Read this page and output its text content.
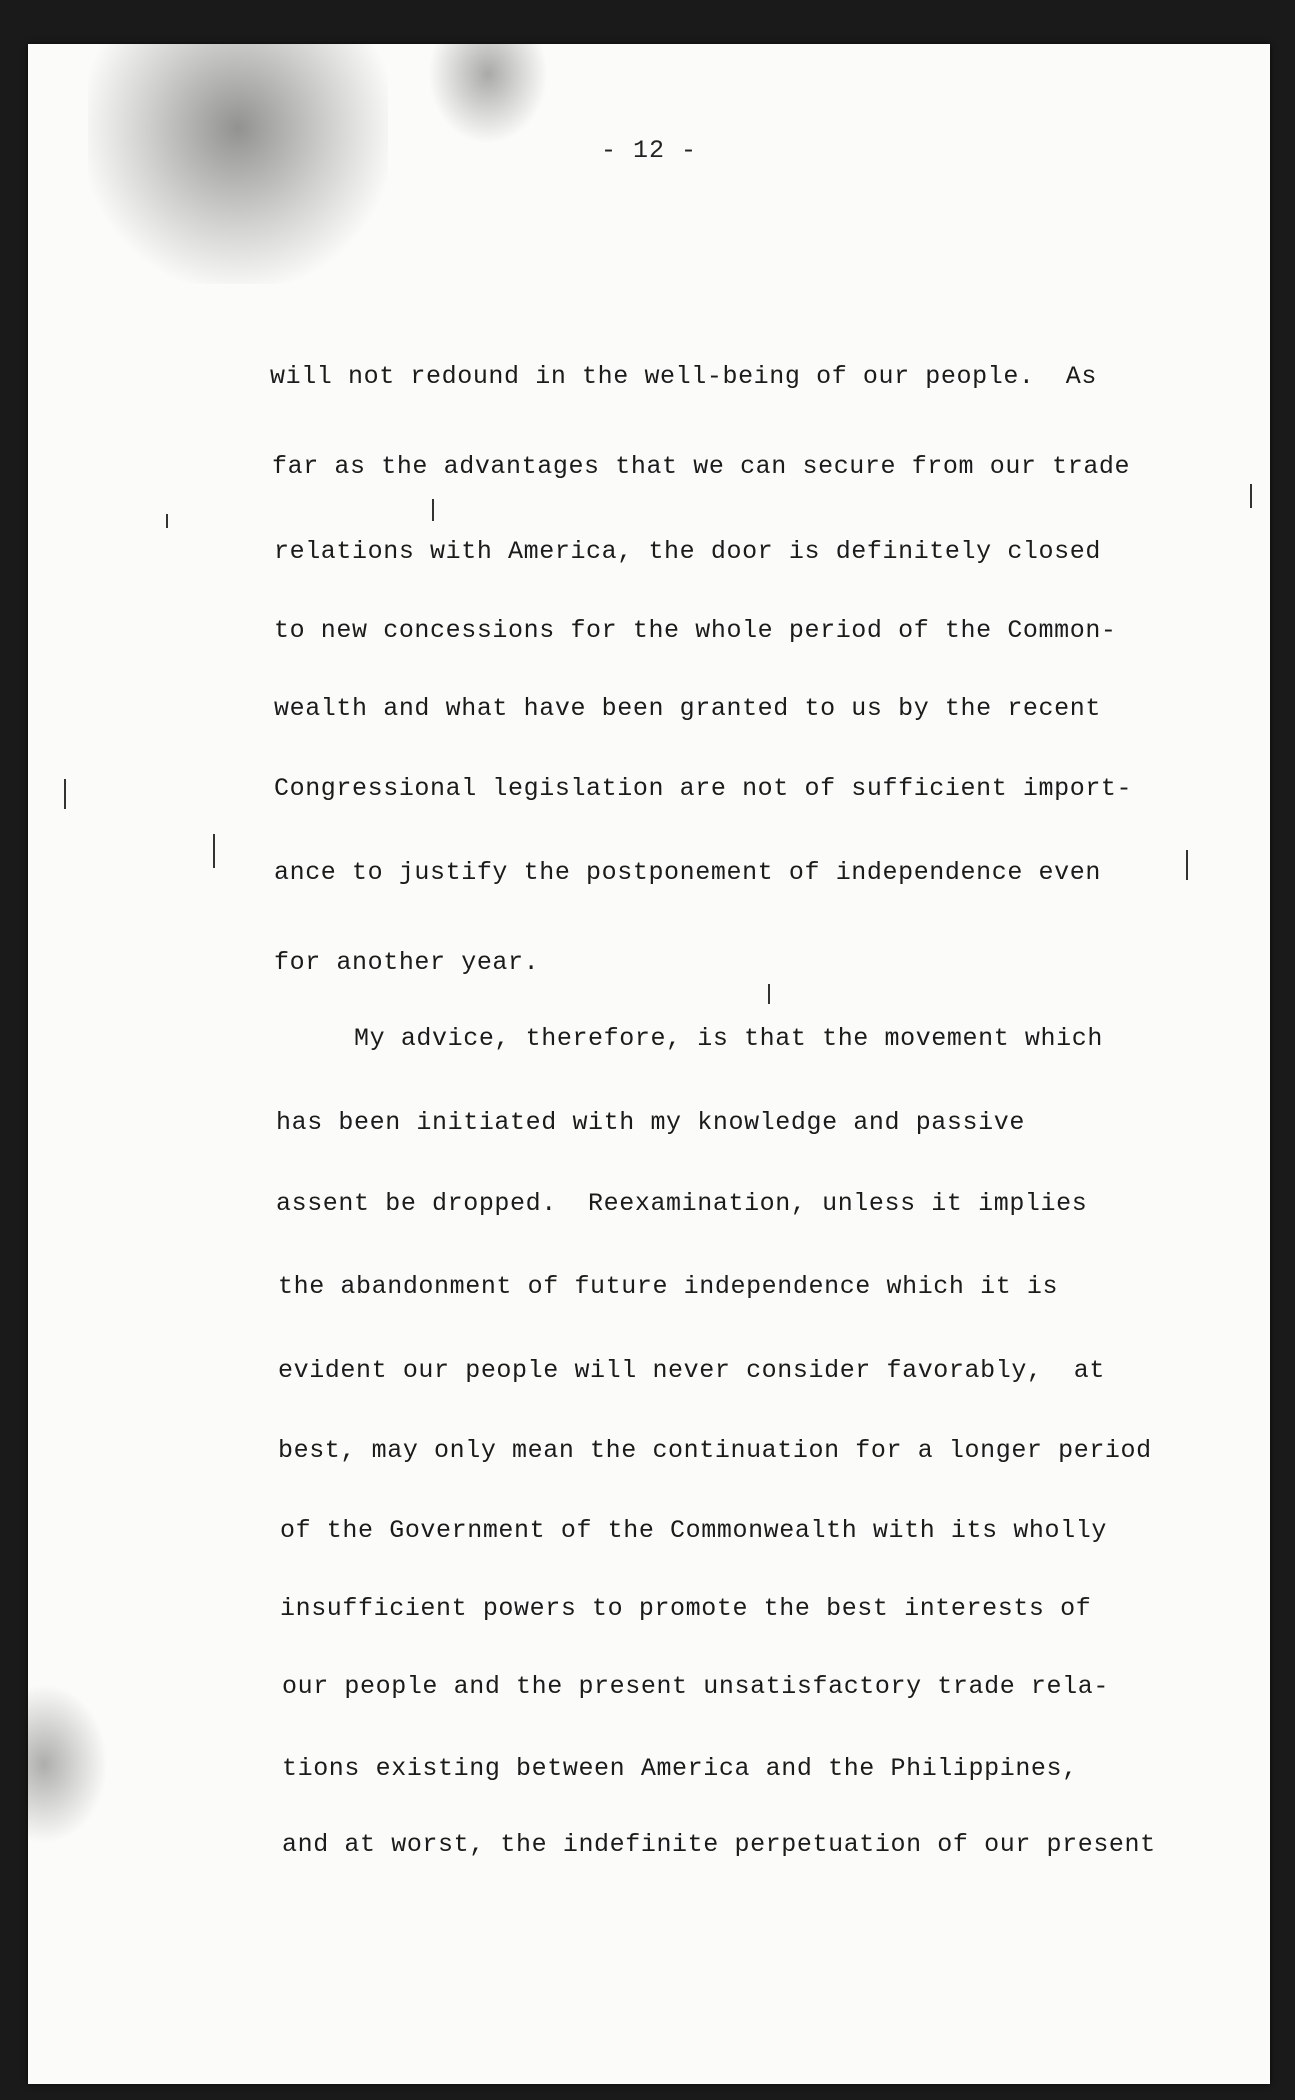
- 12 -
will not redound in the well-being of our people.  As
far as the advantages that we can secure from our trade
relations with America, the door is definitely closed
to new concessions for the whole period of the Common-
wealth and what have been granted to us by the recent
Congressional legislation are not of sufficient import-
ance to justify the postponement of independence even
for another year.
My advice, therefore, is that the movement which
has been initiated with my knowledge and passive
assent be dropped.  Reexamination, unless it implies
the abandonment of future independence which it is
evident our people will never consider favorably,  at
best, may only mean the continuation for a longer period
of the Government of the Commonwealth with its wholly
insufficient powers to promote the best interests of
our people and the present unsatisfactory trade rela-
tions existing between America and the Philippines,
and at worst, the indefinite perpetuation of our present
